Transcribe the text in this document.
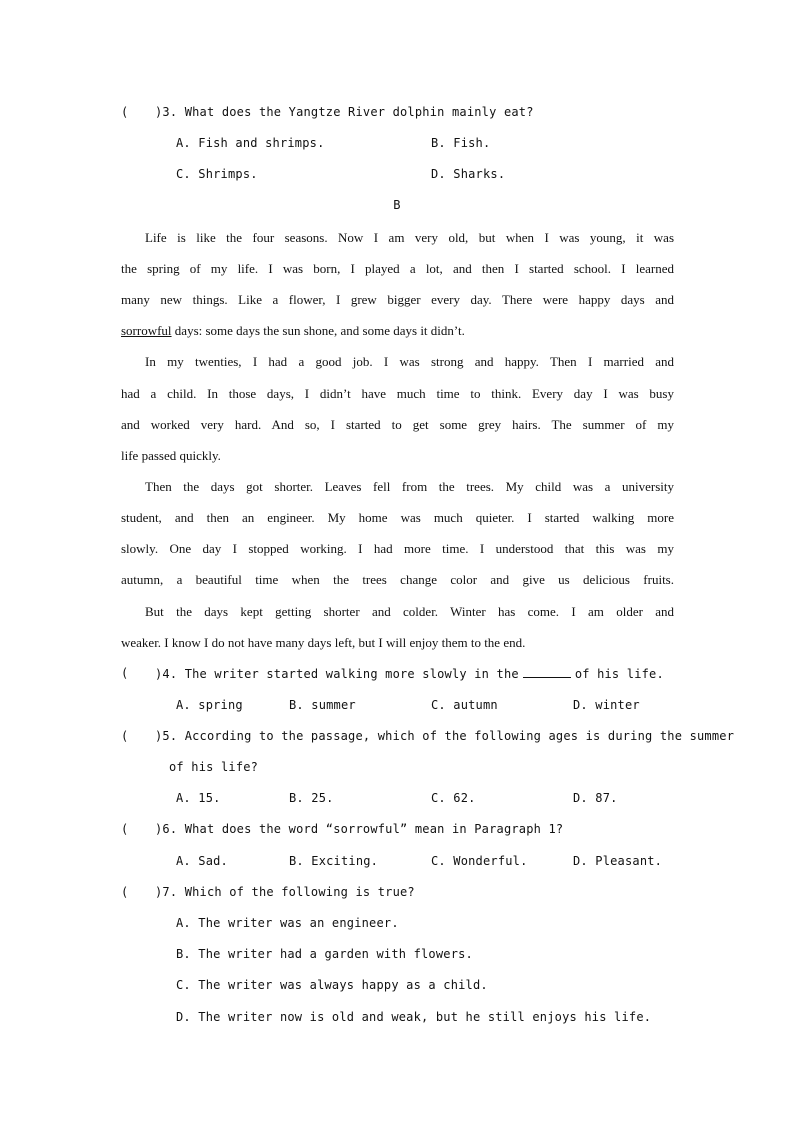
( )3. What does the Yangtze River dolphin mainly eat?
A. Fish and shrimps.	B. Fish.
C. Shrimps.	D. Sharks.
B
Life is like the four seasons. Now I am very old, but when I was young, it was
the spring of my life. I was born, I played a lot, and then I started school. I learned
many new things. Like a flower, I grew bigger every day. There were happy days and
sorrowful days: some days the sun shone, and some days it didn’t.
In my twenties, I had a good job. I was strong and happy. Then I married and
had a child. In those days, I didn’t have much time to think. Every day I was busy
and worked very hard. And so, I started to get some grey hairs. The summer of my
life passed quickly.
Then the days got shorter. Leaves fell from the trees. My child was a university
student, and then an engineer. My home was much quieter. I started walking more
slowly. One day I stopped working. I had more time. I understood that this was my
autumn, a beautiful time when the trees change color and give us delicious fruits.
But the days kept getting shorter and colder. Winter has come. I am older and
weaker. I know I do not have many days left, but I will enjoy them to the end.
( )4. The writer started walking more slowly in the	of his life.
A. spring	B. summer	C. autumn	D. winter
( )5. According to the passage, which of the following ages is during the summer
of his life?
A. 15.	B. 25.	C. 62.	D. 87.
( )6. What does the word “sorrowful” mean in Paragraph 1?
A. Sad.	B. Exciting.	C. Wonderful.	D. Pleasant.
( )7. Which of the following is true?
A. The writer was an engineer.
B. The writer had a garden with flowers.
C. The writer was always happy as a child.
D. The writer now is old and weak, but he still enjoys his life.
